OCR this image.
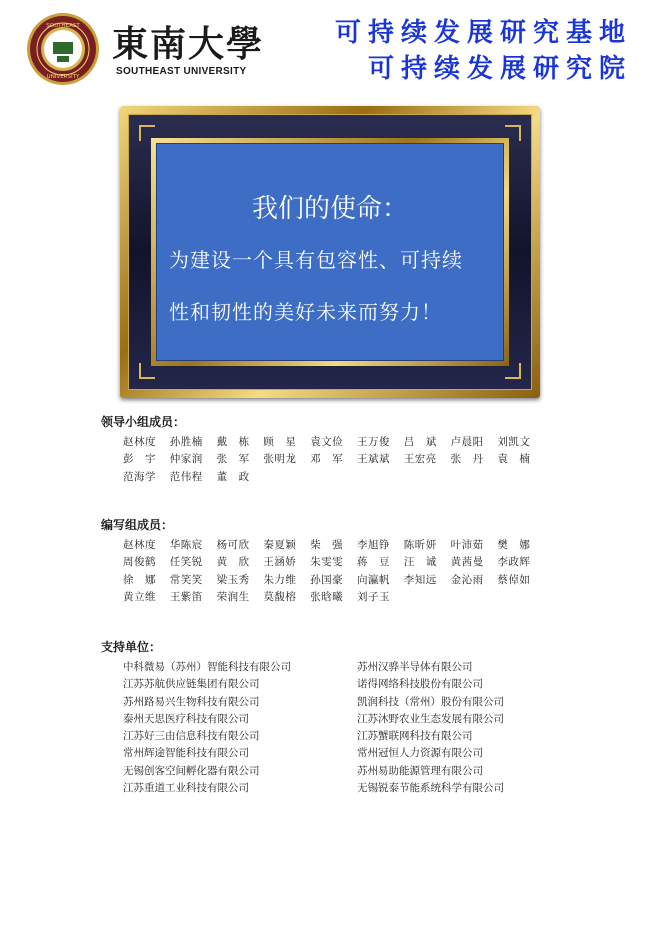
SOUTHEAST
UNIVERSITY
東南大學
SOUTHEAST UNIVERSITY
可持续发展研究基地
可持续发展研究院
我们的使命：
为建设一个具有包容性、可持续
性和韧性的美好未来而努力！
领导小组成员：
赵林度 孙胜楠 戴　栋 顾　星 袁文俭 王万俊 吕　斌 卢晨阳 刘凯文
彭　宇 仲家润 张　军 张明龙 邓　军 王斌斌 王宏亮 张　丹 袁　楠
范海学 范伟程 董　政
编写组成员：
赵林度 华陈宸 杨可欣 秦夏颖 柴　强 李旭铮 陈昕妍 叶沛茹 樊　娜
周俊鹤 任笑锐 黄　欣 王涵娇 朱雯雯 蒋　豆 汪　诚 黄茜曼 李政辉
徐　娜 常笑笑 梁玉秀 朱力维 孙国豪 向瀛帆 李知远 金沁雨 蔡倬如
黄立维 王紫笛 荣润生 莫馥榕 张晗曦 刘子玉
支持单位：
中科微易（苏州）智能科技有限公司	苏州汉骅半导体有限公司
江苏苏航供应链集团有限公司	诺得网络科技股份有限公司
苏州路易兴生物科技有限公司	凯润科技（常州）股份有限公司
泰州天思医疗科技有限公司	江苏沐野农业生态发展有限公司
江苏好三由信息科技有限公司	江苏蟹联网科技有限公司
常州辉途智能科技有限公司	常州冠恒人力资源有限公司
无锡创客空间孵化器有限公司	苏州易助能源管理有限公司
江苏重道工业科技有限公司	无锡锐泰节能系统科学有限公司
